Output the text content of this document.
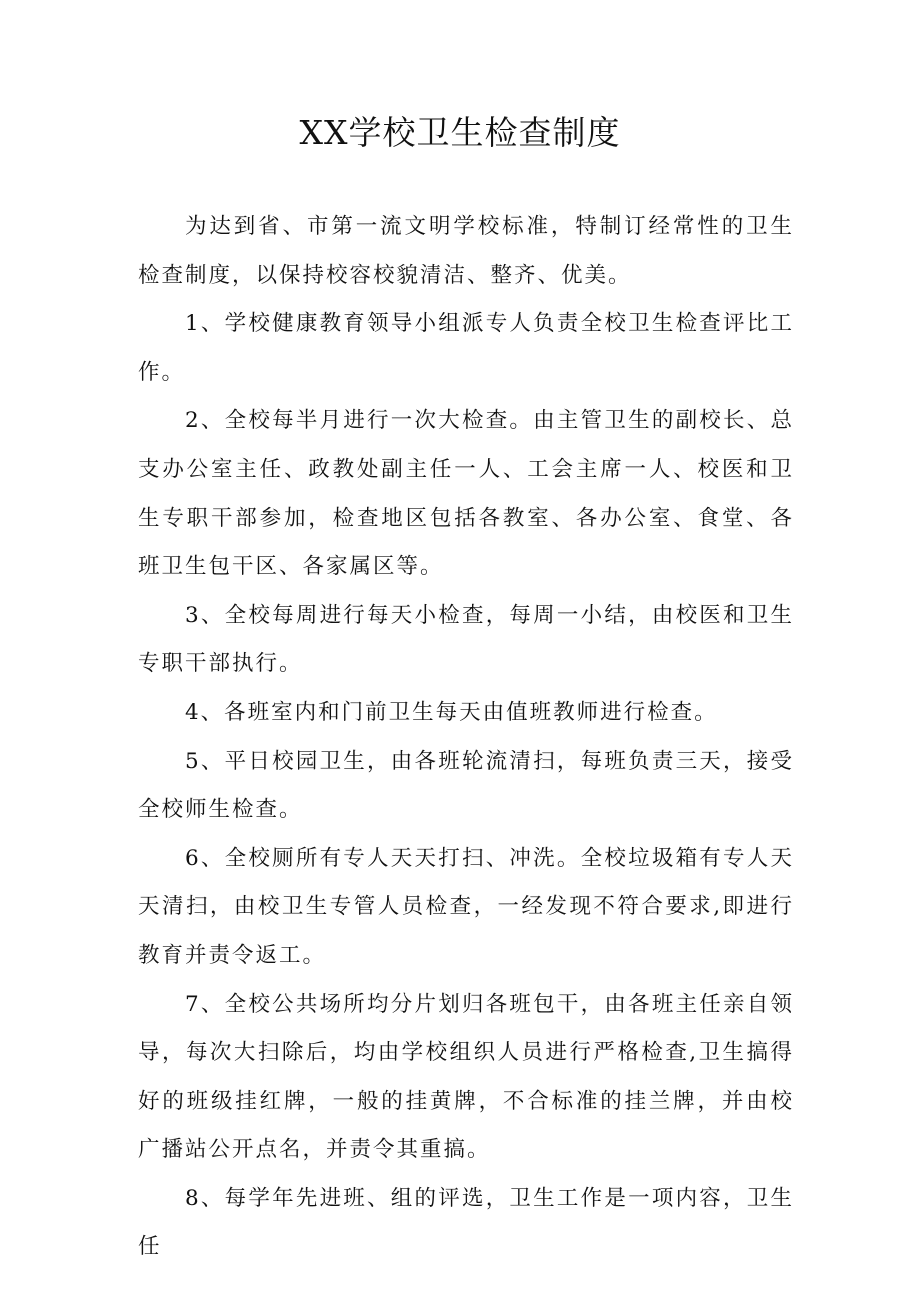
XX学校卫生检查制度

为达到省、市第一流文明学校标准，特制订经常性的卫生检查制度，以保持校容校貌清洁、整齐、优美。

1、学校健康教育领导小组派专人负责全校卫生检查评比工作。

2、全校每半月进行一次大检查。由主管卫生的副校长、总支办公室主任、政教处副主任一人、工会主席一人、校医和卫生专职干部参加，检查地区包括各教室、各办公室、食堂、各班卫生包干区、各家属区等。

3、全校每周进行每天小检查，每周一小结，由校医和卫生专职干部执行。

4、各班室内和门前卫生每天由值班教师进行检查。

5、平日校园卫生，由各班轮流清扫，每班负责三天，接受全校师生检查。

6、全校厕所有专人天天打扫、冲洗。全校垃圾箱有专人天天清扫，由校卫生专管人员检查，一经发现不符合要求,即进行教育并责令返工。

7、全校公共场所均分片划归各班包干，由各班主任亲自领导，每次大扫除后，均由学校组织人员进行严格检查,卫生搞得好的班级挂红牌，一般的挂黄牌，不合标准的挂兰牌，并由校广播站公开点名，并责令其重搞。

8、每学年先进班、组的评选，卫生工作是一项内容，卫生任
